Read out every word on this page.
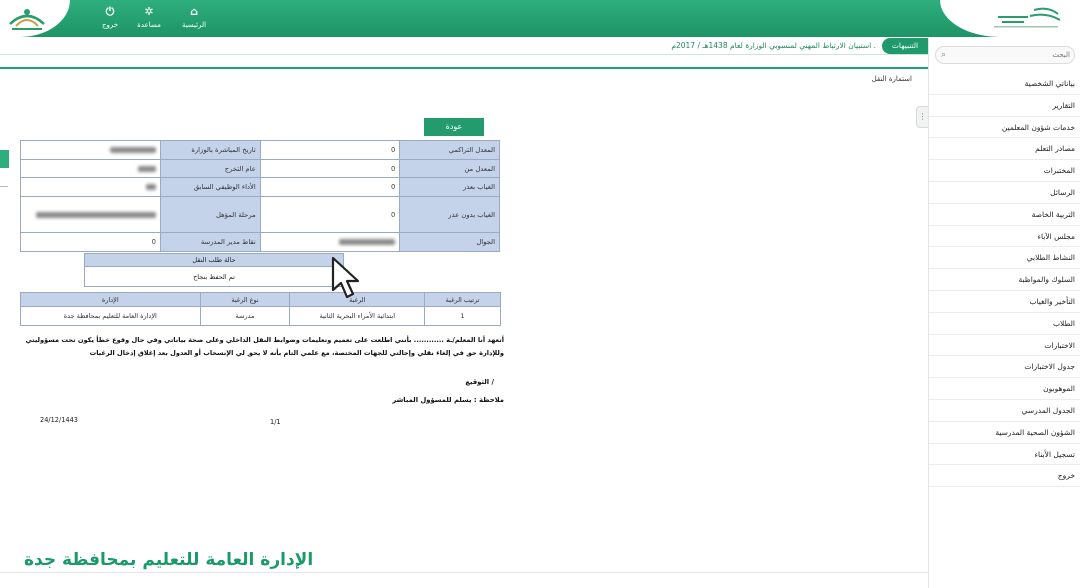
⌂
الرئيسية
✲
مساعدة
⏻
خروج
التنبيهات
استبيان الارتباط المهني لمنسوبي الوزارة لعام 1438هـ / 2017م .
⌕
البحث
بياناتي الشخصية
التقارير
خدمات شؤون المعلمين
مصادر التعلم
المختبرات
الرسائل
التربية الخاصة
مجلس الآباء
النشاط الطلابي
السلوك والمواظبة
التأخير والغياب
الطلاب
الاختبارات
جدول الاختبارات
الموهوبون
الجدول المدرسي
الشؤون الصحية المدرسية
تسجيل الأبناء
خروج
⋮
استمارة النقل
عودة
	تاريخ المباشرة بالوزارة	0	المعدل التراكمي
	عام التخرج	0	المعدل من
	الأداء الوظيفي السابق	0	الغياب بعذر
	مرحلة المؤهل	0	الغياب بدون عذر
0	نقاط مدير المدرسة		الجوال
حالة طلب النقل
تم الحفظ بنجاح
الإدارة	نوع الرغبة	الرغبة	ترتيب الرغبة
الإدارة العامة للتعليم بمحافظة جدة	مدرسة	ابتدائية الأمراء البحرية الثانية	1
أتعهد أنا المعلم/ـة ............ بأنني اطلعت على تعميم وتعليمات وضوابط النقل الداخلي وعلى صحة بياناتي وفي حال وقوع خطأ يكون تحت مسؤوليتي وللإدارة حق في إلغاء نقلي وإحالتي للجهات المختصة، مع علمي التام بأنه لا يحق لي الإنسحاب أو العدول بعد إغلاق إدخال الرغبات
التوقيع /
ملاحظة : يسلم للمسؤول المباشر
24/12/1443	1/1
الإدارة العامة للتعليم بمحافظة جدة
